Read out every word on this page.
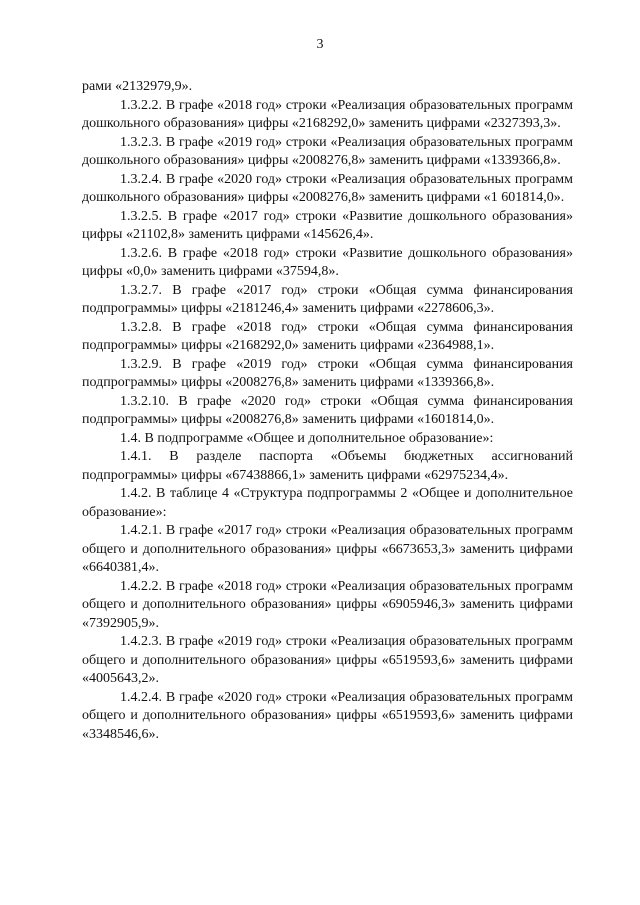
3

рами «2132979,9».

1.3.2.2. В графе «2018 год» строки «Реализация образовательных программ дошкольного образования» цифры «2168292,0» заменить цифрами «2327393,3».

1.3.2.3. В графе «2019 год» строки «Реализация образовательных программ дошкольного образования» цифры «2008276,8» заменить цифрами «1339366,8».

1.3.2.4. В графе «2020 год» строки «Реализация образовательных программ дошкольного образования» цифры «2008276,8» заменить цифрами «1 601814,0».

1.3.2.5. В графе «2017 год» строки «Развитие дошкольного образования» цифры «21102,8» заменить цифрами «145626,4».

1.3.2.6. В графе «2018 год» строки «Развитие дошкольного образования» цифры «0,0» заменить цифрами «37594,8».

1.3.2.7. В графе «2017 год» строки «Общая сумма финансирования подпрограммы» цифры «2181246,4» заменить цифрами «2278606,3».

1.3.2.8. В графе «2018 год» строки «Общая сумма финансирования подпрограммы» цифры «2168292,0» заменить цифрами «2364988,1».

1.3.2.9. В графе «2019 год» строки «Общая сумма финансирования подпрограммы» цифры «2008276,8» заменить цифрами «1339366,8».

1.3.2.10. В графе «2020 год» строки «Общая сумма финансирования подпрограммы» цифры «2008276,8» заменить цифрами «1601814,0».

1.4. В подпрограмме «Общее и дополнительное образование»:

1.4.1. В разделе паспорта «Объемы бюджетных ассигнований подпрограммы» цифры «67438866,1» заменить цифрами «62975234,4».

1.4.2. В таблице 4 «Структура подпрограммы 2 «Общее и дополнительное образование»:

1.4.2.1. В графе «2017 год» строки «Реализация образовательных программ общего и дополнительного образования» цифры «6673653,3» заменить цифрами «6640381,4».

1.4.2.2. В графе «2018 год» строки «Реализация образовательных программ общего и дополнительного образования» цифры «6905946,3» заменить цифрами «7392905,9».

1.4.2.3. В графе «2019 год» строки «Реализация образовательных программ общего и дополнительного образования» цифры «6519593,6» заменить цифрами «4005643,2».

1.4.2.4. В графе «2020 год» строки «Реализация образовательных программ общего и дополнительного образования» цифры «6519593,6» заменить цифрами «3348546,6».
